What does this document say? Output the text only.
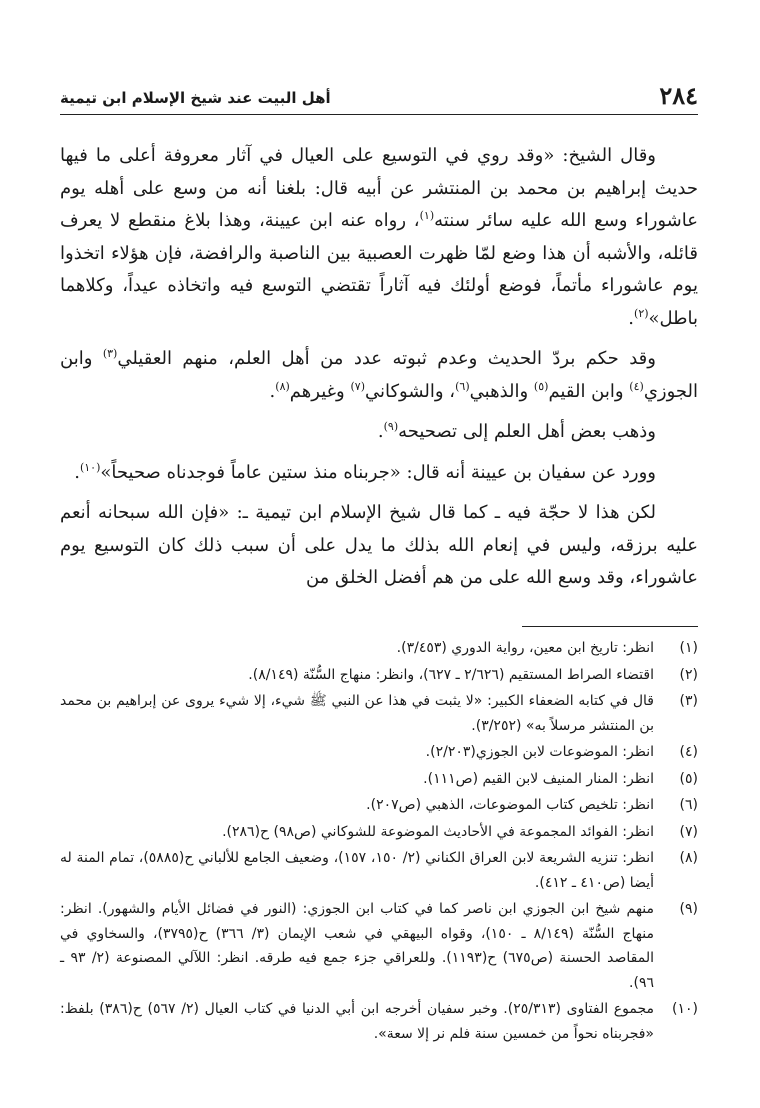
٢٨٤
أهل البيت عند شيخ الإسلام ابن تيمية

وقال الشيخ: «وقد روي في التوسيع على العيال في آثار معروفة أعلى ما فيها حديث إبراهيم بن محمد بن المنتشر عن أبيه قال: بلغنا أنه من وسع على أهله يوم عاشوراء وسع الله عليه سائر سنته$^{(١)}$، رواه عنه ابن عيينة، وهذا بلاغ منقطع لا يعرف قائله، والأشبه أن هذا وضع لمّا ظهرت العصبية بين الناصبة والرافضة، فإن هؤلاء اتخذوا يوم عاشوراء مأتماً، فوضع أولئك فيه آثاراً تقتضي التوسع فيه واتخاذه عيداً، وكلاهما باطل»$^{(٢)}$.

وقد حكم بردّ الحديث وعدم ثبوته عدد من أهل العلم، منهم العقيلي$^{(٣)}$ وابن الجوزي$^{(٤)}$ وابن القيم$^{(٥)}$ والذهبي$^{(٦)}$، والشوكاني$^{(٧)}$ وغيرهم$^{(٨)}$.

وذهب بعض أهل العلم إلى تصحيحه$^{(٩)}$.

وورد عن سفيان بن عيينة أنه قال: «جربناه منذ ستين عاماً فوجدناه صحيحاً»$^{(١٠)}$.

لكن هذا لا حجّة فيه ـ كما قال شيخ الإسلام ابن تيمية ـ: «فإن الله سبحانه أنعم عليه برزقه، وليس في إنعام الله بذلك ما يدل على أن سبب ذلك كان التوسيع يوم عاشوراء، وقد وسع الله على من هم أفضل الخلق من

(١)
انظر: تاريخ ابن معين، رواية الدوري (٣/٤٥٣).
(٢)
اقتضاء الصراط المستقيم (٢/٦٢٦ ـ ٦٢٧)، وانظر: منهاج السُّنّة (٨/١٤٩).
(٣)
قال في كتابه الضعفاء الكبير: «لا يثبت في هذا عن النبي ﷺ شيء، إلا شيء يروى عن إبراهيم بن محمد بن المنتشر مرسلاً به» (٣/٢٥٢).
(٤)
انظر: الموضوعات لابن الجوزي(٢/٢٠٣).
(٥)
انظر: المنار المنيف لابن القيم (ص١١١).
(٦)
انظر: تلخيص كتاب الموضوعات، الذهبي (ص٢٠٧).
(٧)
انظر: الفوائد المجموعة في الأحاديث الموضوعة للشوكاني (ص٩٨) ح(٢٨٦).
(٨)
انظر: تنزيه الشريعة لابن العراق الكناني (٢/ ١٥٠، ١٥٧)، وضعيف الجامع للألباني ح(٥٨٨٥)، تمام المنة له أيضا (ص٤١٠ ـ ٤١٢).
(٩)
منهم شيخ ابن الجوزي ابن ناصر كما في كتاب ابن الجوزي: (النور في فضائل الأيام والشهور). انظر: منهاج السُّنّة (٨/١٤٩ ـ ١٥٠)، وقواه البيهقي في شعب الإيمان (٣/ ٣٦٦) ح(٣٧٩٥)، والسخاوي في المقاصد الحسنة (ص٦٧٥) ح(١١٩٣). وللعراقي جزء جمع فيه طرقه. انظر: اللآلي المصنوعة (٢/ ٩٣ ـ ٩٦).
(١٠)
مجموع الفتاوى (٢٥/٣١٣). وخبر سفيان أخرجه ابن أبي الدنيا في كتاب العيال (٢/ ٥٦٧) ح(٣٨٦) بلفظ: «فجربناه نحواً من خمسين سنة فلم نر إلا سعة».
